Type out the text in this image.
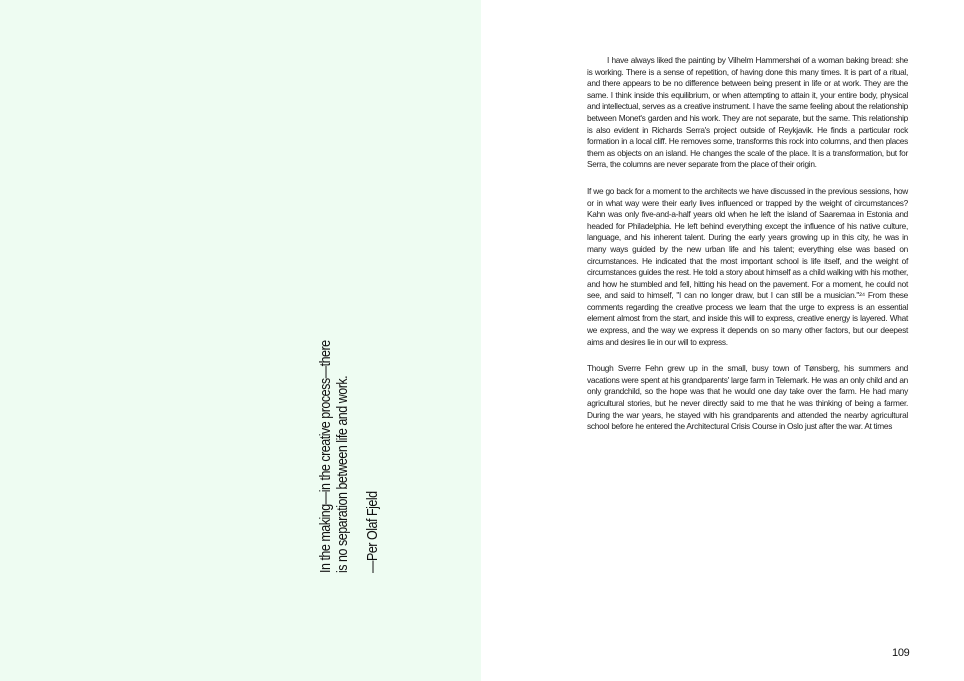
In the making—in the creative process—there is no separation between life and work. —Per Olaf Fjeld

I have always liked the painting by Vilhelm Hammershøi of a woman baking bread: she is working. There is a sense of repetition, of having done this many times. It is part of a ritual, and there appears to be no difference between being present in life or at work. They are the same. I think inside this equilibrium, or when attempting to attain it, your entire body, physical and intellectual, serves as a creative instrument. I have the same feeling about the relationship between Monet's garden and his work. They are not separate, but the same. This relationship is also evident in Richards Serra's project outside of Reykjavik. He finds a particular rock formation in a local cliff. He removes some, transforms this rock into columns, and then places them as objects on an island. He changes the scale of the place. It is a transformation, but for Serra, the columns are never separate from the place of their origin.

If we go back for a moment to the architects we have discussed in the previous sessions, how or in what way were their early lives influenced or trapped by the weight of circumstances? Kahn was only five-and-a-half years old when he left the island of Saaremaa in Estonia and headed for Philadelphia. He left behind everything except the influence of his native culture, language, and his inherent talent. During the early years growing up in this city, he was in many ways guided by the new urban life and his talent; everything else was based on circumstances. He indicated that the most important school is life itself, and the weight of circumstances guides the rest. He told a story about himself as a child walking with his mother, and how he stumbled and fell, hitting his head on the pavement. For a moment, he could not see, and said to himself, "I can no longer draw, but I can still be a musician."²⁴ From these comments regarding the creative process we learn that the urge to express is an essential element almost from the start, and inside this will to express, creative energy is layered. What we express, and the way we express it depends on so many other factors, but our deepest aims and desires lie in our will to express.

Though Sverre Fehn grew up in the small, busy town of Tønsberg, his summers and vacations were spent at his grandparents' large farm in Telemark. He was an only child and an only grandchild, so the hope was that he would one day take over the farm. He had many agricultural stories, but he never directly said to me that he was thinking of being a farmer. During the war years, he stayed with his grandparents and attended the nearby agricultural school before he entered the Architectural Crisis Course in Oslo just after the war. At times

109
